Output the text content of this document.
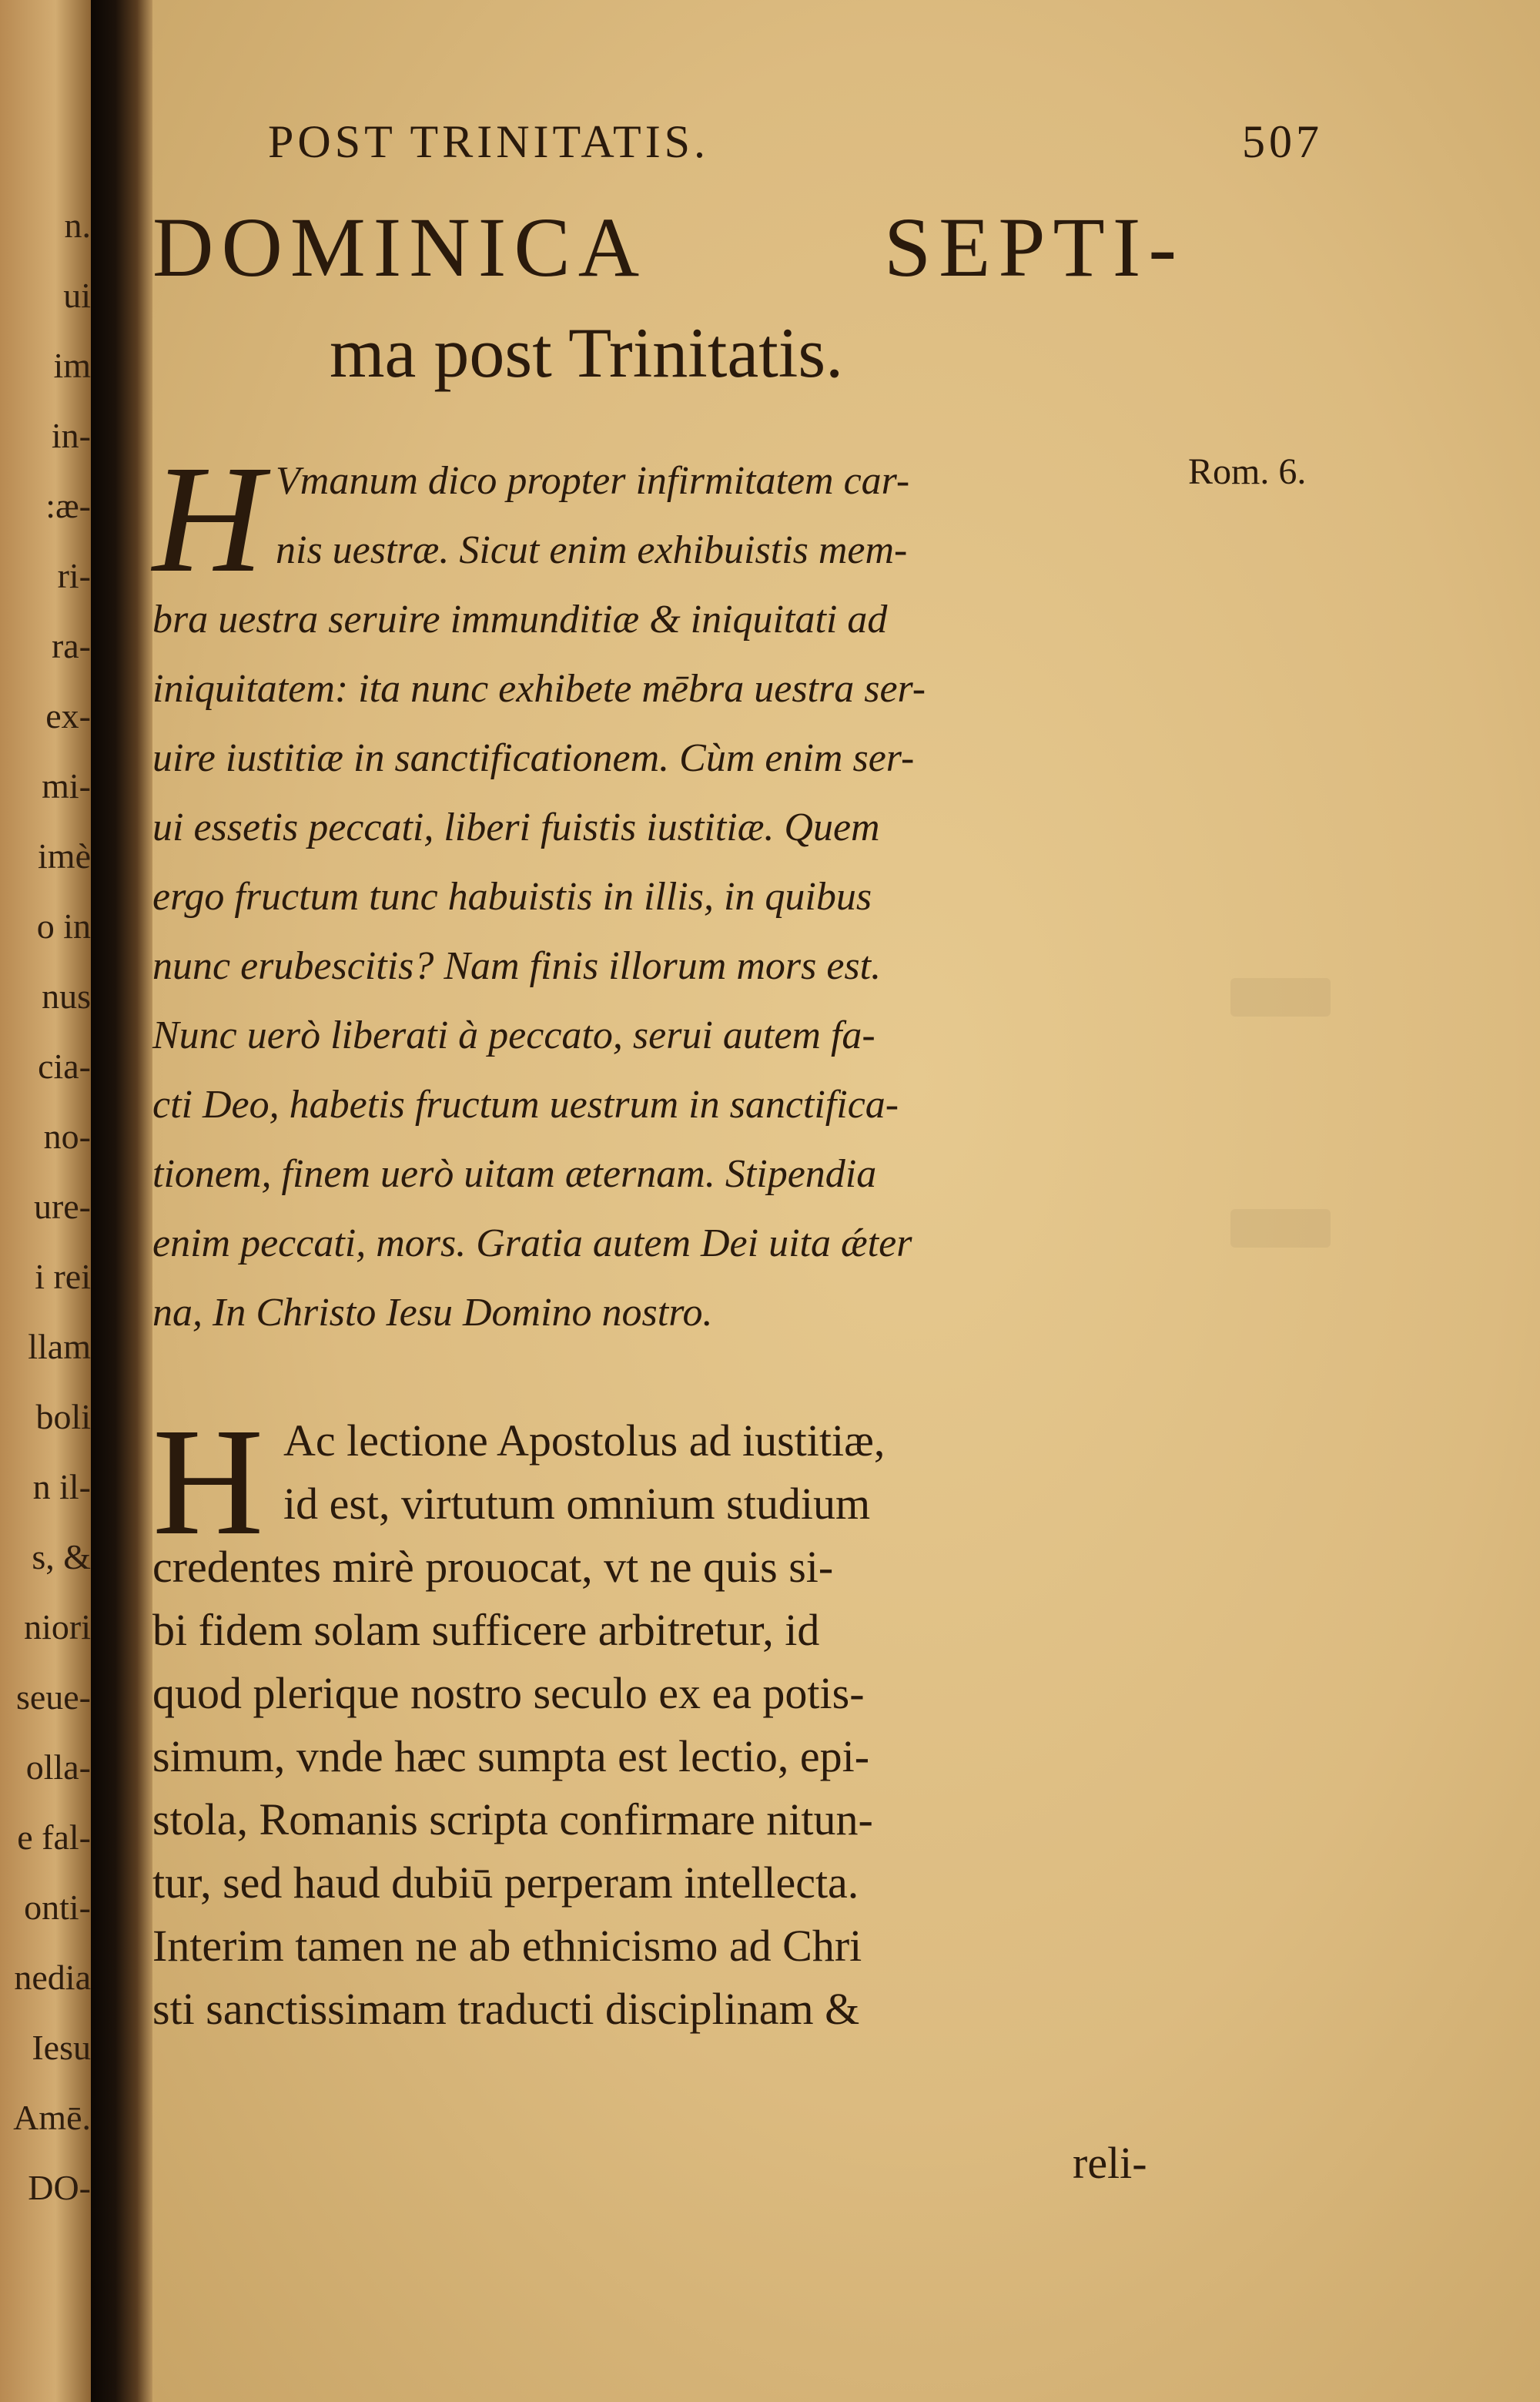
n.
ui
im
in-
:æ-
ri-
ra-
ex-
mi-
imè
o in
nus
cia-
no-
ure-
i rei
llam
boli
n il-
s, &
niori
seue-
olla-
e fal-
onti-
nedia
Iesu
Amē.
DO-
POST TRINITATIS.	507
DOMINICA	SEPTI-
ma post Trinitatis.
Rom. 6.
H Vmanum dico propter infirmitatem car-
nis uestræ. Sicut enim exhibuistis mem-
bra uestra seruire immunditiæ & iniquitati ad
iniquitatem: ita nunc exhibete mēbra uestra ser-
uire iustitiæ in sanctificationem. Cùm enim ser-
ui essetis peccati, liberi fuistis iustitiæ. Quem
ergo fructum tunc habuistis in illis, in quibus
nunc erubescitis? Nam finis illorum mors est.
Nunc uerò liberati à peccato, serui autem fa-
cti Deo, habetis fructum uestrum in sanctifica-
tionem, finem uerò uitam æternam. Stipendia
enim peccati, mors. Gratia autem Dei uita ǽter
na, In Christo Iesu Domino nostro.
H Ac lectione Apostolus ad iustitiæ,
id est, virtutum omnium studium
credentes mirè prouocat, vt ne quis si-
bi fidem solam sufficere arbitretur, id
quod plerique nostro seculo ex ea potis-
simum, vnde hæc sumpta est lectio, epi-
stola, Romanis scripta confirmare nitun-
tur, sed haud dubiū perperam intellecta.
Interim tamen ne ab ethnicismo ad Chri
sti sanctissimam traducti disciplinam &
reli-
